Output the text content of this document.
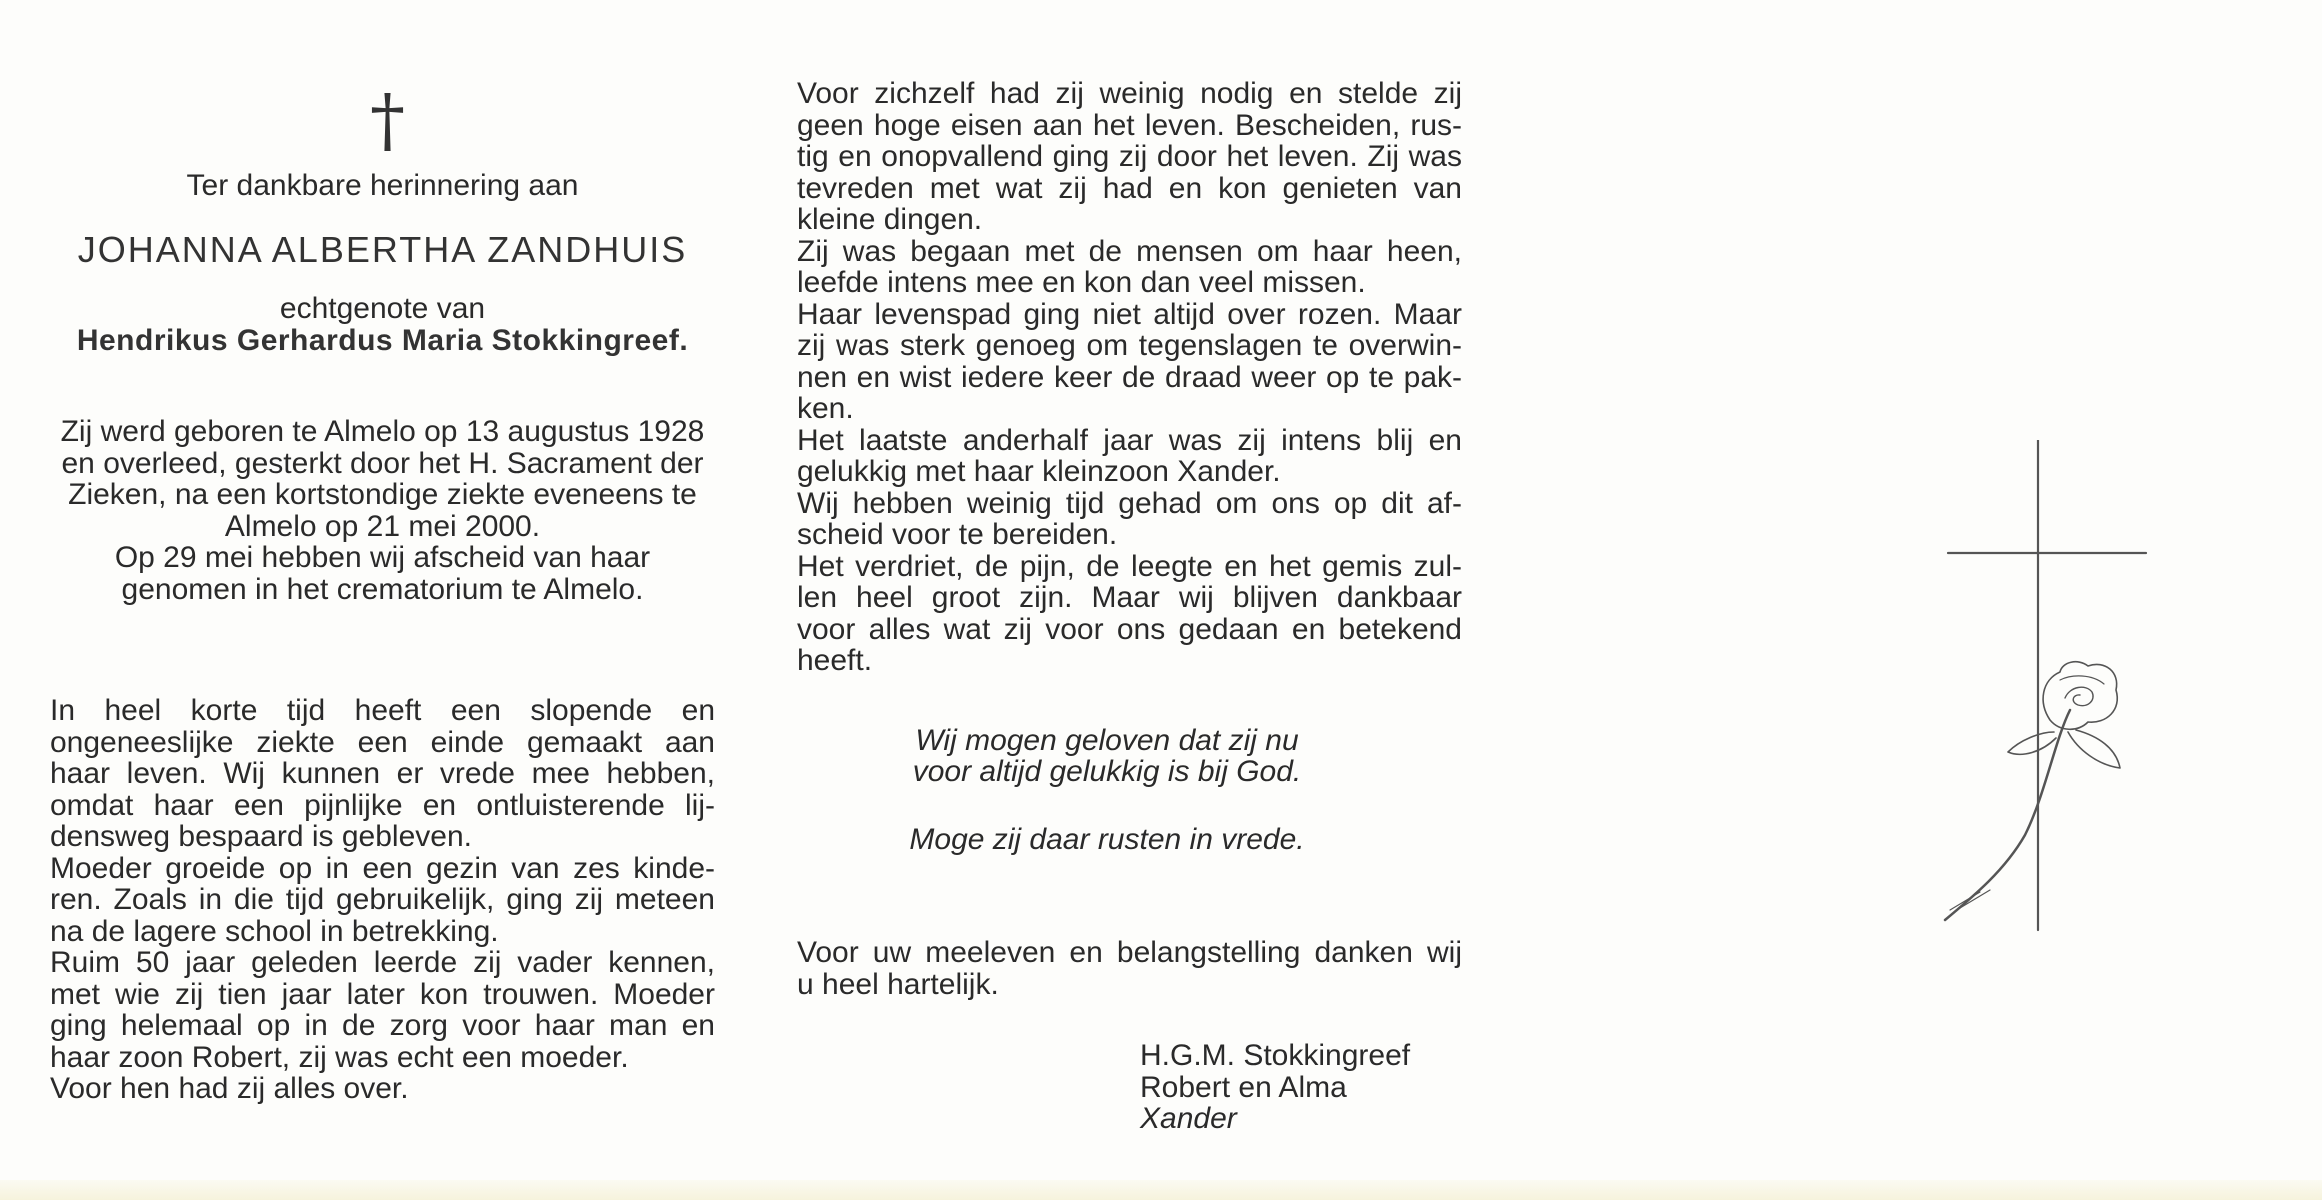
†
Ter dankbare herinnering aan
JOHANNA ALBERTHA ZANDHUIS
echtgenote van
Hendrikus Gerhardus Maria Stokkingreef.
Zij werd geboren te Almelo op 13 augustus 1928
en overleed, gesterkt door het H. Sacrament der
Zieken, na een kortstondige ziekte eveneens te
Almelo op 21 mei 2000.
Op 29 mei hebben wij afscheid van haar
genomen in het crematorium te Almelo.

In heel korte tijd heeft een slopende en

ongeneeslijke ziekte een einde gemaakt aan

haar leven. Wij kunnen er vrede mee hebben,

omdat haar een pijnlijke en ontluisterende lij-

densweg bespaard is gebleven.

Moeder groeide op in een gezin van zes kinde-

ren. Zoals in die tijd gebruikelijk, ging zij meteen

na de lagere school in betrekking.

Ruim 50 jaar geleden leerde zij vader kennen,

met wie zij tien jaar later kon trouwen. Moeder

ging helemaal op in de zorg voor haar man en

haar zoon Robert, zij was echt een moeder.

Voor hen had zij alles over.

Voor zichzelf had zij weinig nodig en stelde zij

geen hoge eisen aan het leven. Bescheiden, rus-

tig en onopvallend ging zij door het leven. Zij was

tevreden met wat zij had en kon genieten van

kleine dingen.

Zij was begaan met de mensen om haar heen,

leefde intens mee en kon dan veel missen.

Haar levenspad ging niet altijd over rozen. Maar

zij was sterk genoeg om tegenslagen te overwin-

nen en wist iedere keer de draad weer op te pak-

ken.

Het laatste anderhalf jaar was zij intens blij en

gelukkig met haar kleinzoon Xander.

Wij hebben weinig tijd gehad om ons op dit af-

scheid voor te bereiden.

Het verdriet, de pijn, de leegte en het gemis zul-

len heel groot zijn. Maar wij blijven dankbaar

voor alles wat zij voor ons gedaan en betekend

heeft.

Wij mogen geloven dat zij nu
voor altijd gelukkig is bij God.
Moge zij daar rusten in vrede.

Voor uw meeleven en belangstelling danken wij

u heel hartelijk.

H.G.M. Stokkingreef

Robert en Alma

Xander
